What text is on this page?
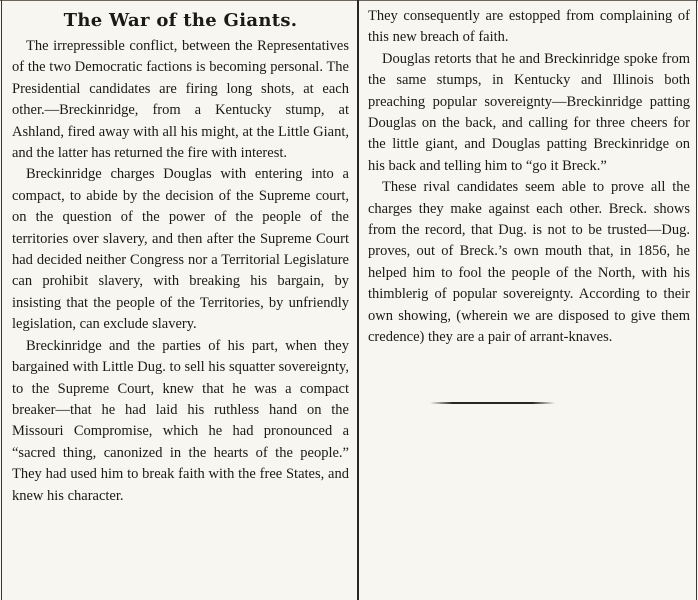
The War of the Giants.

The irrepressible conflict, between the Representatives of the two Democratic factions is becoming personal. The Presidential candidates are firing long shots, at each other.—Breckinridge, from a Kentucky stump, at Ashland, fired away with all his might, at the Little Giant, and the latter has returned the fire with interest.

Breckinridge charges Douglas with entering into a compact, to abide by the decision of the Supreme court, on the question of the power of the people of the territories over slavery, and then after the Supreme Court had decided neither Congress nor a Territorial Legislature can prohibit slavery, with breaking his bargain, by insisting that the people of the Territories, by unfriendly legislation, can exclude slavery.

Breckinridge and the parties of his part, when they bargained with Little Dug. to sell his squatter sovereignty, to the Supreme Court, knew that he was a compact breaker—that he had laid his ruthless hand on the Missouri Compromise, which he had pronounced a “sacred thing, canonized in the hearts of the people.” They had used him to break faith with the free States, and knew his character.

They consequently are estopped from complaining of this new breach of faith.

Douglas retorts that he and Breckinridge spoke from the same stumps, in Kentucky and Illinois both preaching popular sovereignty—Breckinridge patting Douglas on the back, and calling for three cheers for the little giant, and Douglas patting Breckinridge on his back and telling him to “go it Breck.”

These rival candidates seem able to prove all the charges they make against each other. Breck. shows from the record, that Dug. is not to be trusted—Dug. proves, out of Breck.’s own mouth that, in 1856, he helped him to fool the people of the North, with his thimblerig of popular sovereignty. According to their own showing, (wherein we are disposed to give them credence) they are a pair of arrant-knaves.
